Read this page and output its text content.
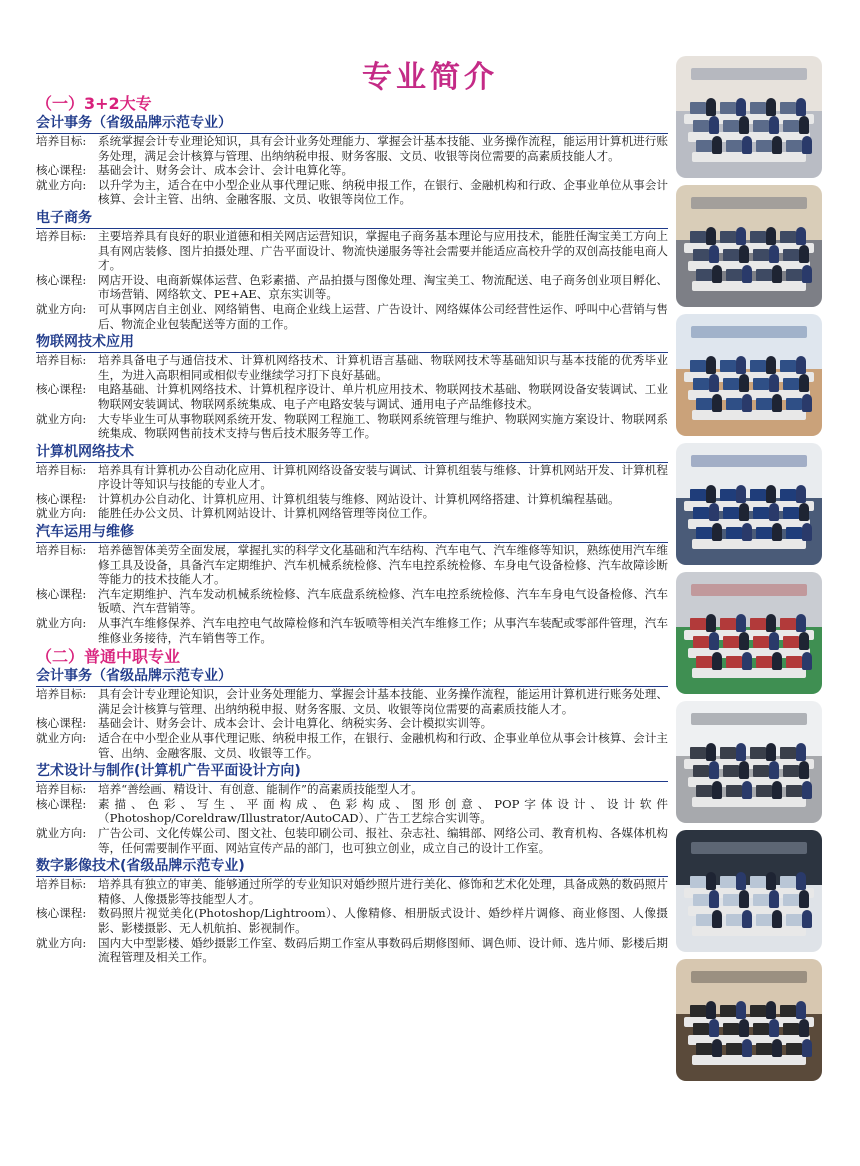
专业简介
（一）3+2大专
会计事务（省级品牌示范专业）
培养目标:	系统掌握会计专业理论知识，具有会计业务处理能力、掌握会计基本技能、业务操作流程，能运用计算机进行账务处理，满足会计核算与管理、出纳纳税申报、财务客服、文员、收银等岗位需要的高素质技能人才。
核心课程:	基础会计、财务会计、成本会计、会计电算化等。
就业方向:	以升学为主，适合在中小型企业从事代理记账、纳税申报工作，在银行、金融机构和行政、企事业单位从事会计核算、会计主管、出纳、金融客服、文员、收银等岗位工作。
电子商务
培养目标:	主要培养具有良好的职业道德和相关网店运营知识，掌握电子商务基本理论与应用技术，能胜任淘宝美工方向上具有网店装修、图片拍摄处理、广告平面设计、物流快递服务等社会需要并能适应高校升学的双创高技能电商人才。
核心课程:	网店开设、电商新媒体运营、色彩素描、产品拍摄与图像处理、淘宝美工、物流配送、电子商务创业项目孵化、市场营销、网络软文、PE+AE、京东实训等。
就业方向:	可从事网店自主创业、网络销售、电商企业线上运营、广告设计、网络媒体公司经营性运作、呼叫中心营销与售后、物流企业包装配送等方面的工作。
物联网技术应用
培养目标:	培养具备电子与通信技术、计算机网络技术、计算机语言基础、物联网技术等基础知识与基本技能的优秀毕业生，为进入高职相同或相似专业继续学习打下良好基础。
核心课程:	电路基础、计算机网络技术、计算机程序设计、单片机应用技术、物联网技术基础、物联网设备安装调试、工业物联网安装调试、物联网系统集成、电子产电路安装与调试、通用电子产品维修技术。
就业方向:	大专毕业生可从事物联网系统开发、物联网工程施工、物联网系统管理与维护、物联网实施方案设计、物联网系统集成、物联网售前技术支持与售后技术服务等工作。
计算机网络技术
培养目标:	培养具有计算机办公自动化应用、计算机网络设备安装与调试、计算机组装与维修、计算机网站开发、计算机程序设计等知识与技能的专业人才。
核心课程:	计算机办公自动化、计算机应用、计算机组装与维修、网站设计、计算机网络搭建、计算机编程基础。
就业方向:	能胜任办公文员、计算机网站设计、计算机网络管理等岗位工作。
汽车运用与维修
培养目标:	培养德智体美劳全面发展，掌握扎实的科学文化基础和汽车结构、汽车电气、汽车维修等知识，熟练使用汽车维修工具及设备，具备汽车定期维护、汽车机械系统检修、汽车电控系统检修、车身电气设备检修、汽车故障诊断等能力的技术技能人才。
核心课程:	汽车定期维护、汽车发动机械系统检修、汽车底盘系统检修、汽车电控系统检修、汽车车身电气设备检修、汽车钣喷、汽车营销等。
就业方向:	从事汽车维修保养、汽车电控电气故障检修和汽车钣喷等相关汽车维修工作；从事汽车装配或零部件管理，汽车维修业务接待，汽车销售等工作。
（二）普通中职专业
会计事务（省级品牌示范专业）
培养目标:	具有会计专业理论知识，会计业务处理能力、掌握会计基本技能、业务操作流程，能运用计算机进行账务处理、满足会计核算与管理、出纳纳税申报、财务客服、文员、收银等岗位需要的高素质技能人才。
核心课程:	基础会计、财务会计、成本会计、会计电算化、纳税实务、会计模拟实训等。
就业方向:	适合在中小型企业从事代理记账、纳税申报工作，在银行、金融机构和行政、企事业单位从事会计核算、会计主管、出纳、金融客服、文员、收银等工作。
艺术设计与制作(计算机广告平面设计方向)
培养目标:	培养“善绘画、精设计、有创意、能制作”的高素质技能型人才。
核心课程:	素描、色彩、写生、平面构成、色彩构成、图形创意、POP字体设计、设计软件（Photoshop/Coreldraw/Illustrator/AutoCAD）、广告工艺综合实训等。
就业方向:	广告公司、文化传媒公司、图文社、包装印刷公司、报社、杂志社、编辑部、网络公司、教育机构、各媒体机构等，任何需要制作平面、网站宣传产品的部门，也可独立创业，成立自己的设计工作室。
数字影像技术(省级品牌示范专业)
培养目标:	培养具有独立的审美、能够通过所学的专业知识对婚纱照片进行美化、修饰和艺术化处理，具备成熟的数码照片精修、人像摄影等技能型人才。
核心课程:	数码照片视觉美化(Photoshop/Lightroom）、人像精修、相册版式设计、婚纱样片调修、商业修图、人像摄影、影楼摄影、无人机航拍、影视制作。
就业方向:	国内大中型影楼、婚纱摄影工作室、数码后期工作室从事数码后期修图师、调色师、设计师、选片师、影楼后期流程管理及相关工作。
